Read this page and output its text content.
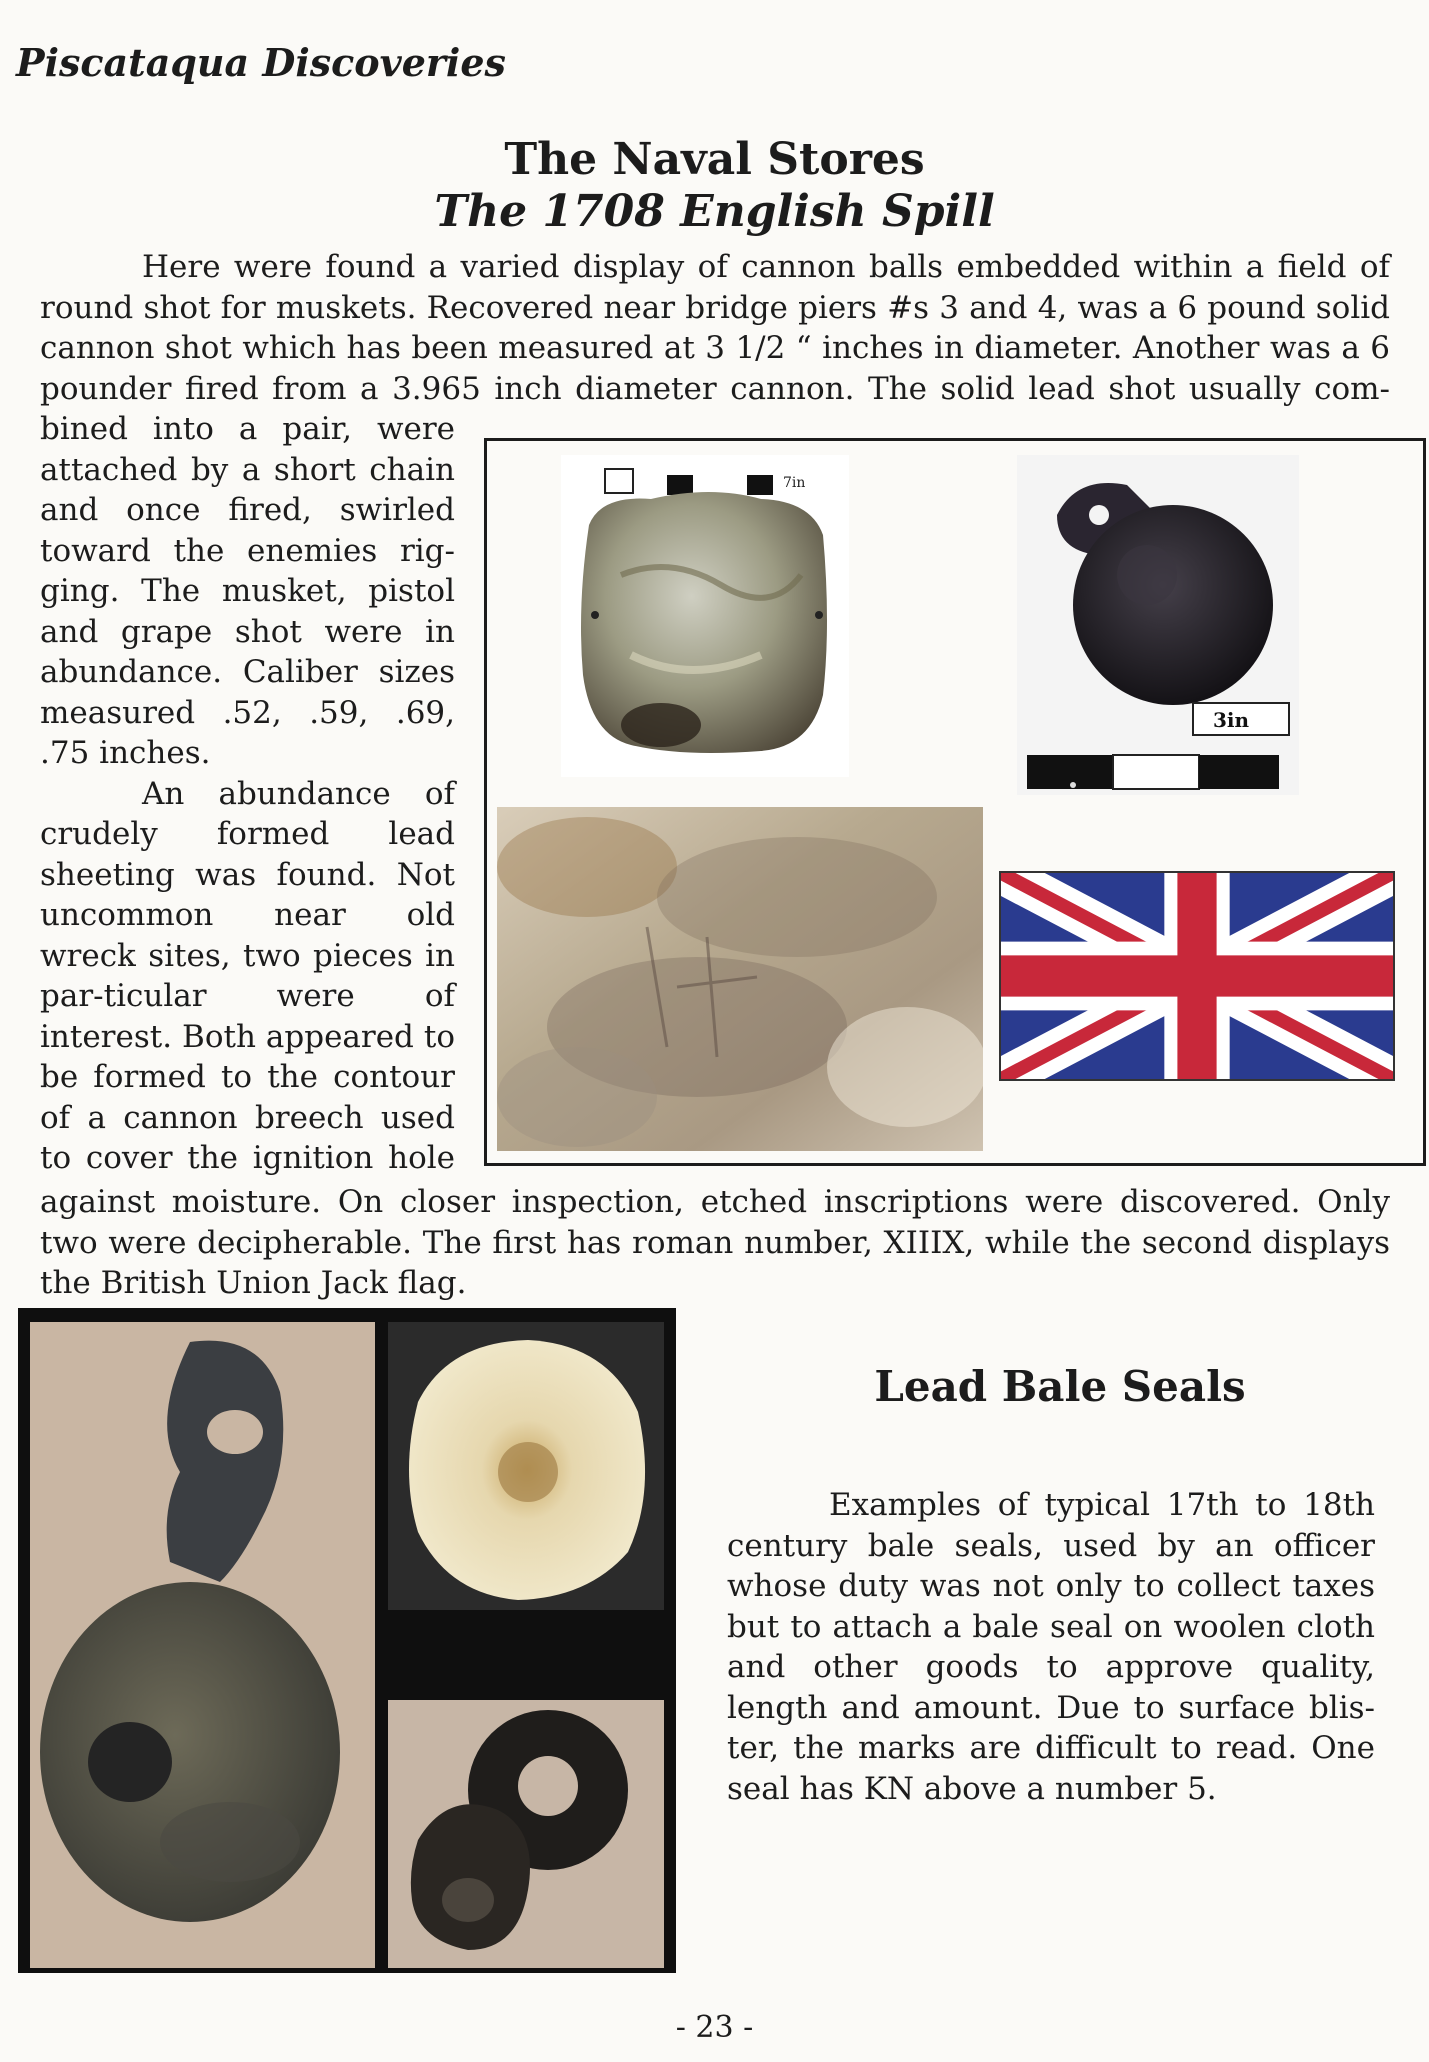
Piscataqua Discoveries
The Naval Stores
The 1708 English Spill
Here were found a varied display of cannon balls embedded within a field of round shot for muskets. Recovered near bridge piers #s 3 and 4, was a 6 pound solid cannon shot which has been measured at 3 1/2 “ inches in diameter. Another was a 6 pounder fired from a 3.965 inch diameter cannon. The solid lead shot usually com-
bined into a pair, were attached by a short chain and once fired, swirled toward the enemies rig-ging. The musket, pistol and grape shot were in abundance. Caliber sizes measured .52, .59, .69, .75 inches.
An abundance of crudely formed lead sheeting was found. Not uncommon near old wreck sites, two pieces in par-ticular were of interest. Both appeared to be formed to the contour of a cannon breech used to cover the ignition hole
7in
3in
against moisture. On closer inspection, etched inscriptions were discovered. Only two were decipherable. The first has roman number, XIIIX, while the second displays the British Union Jack flag.
Lead Bale Seals
Examples of typical 17th to 18th century bale seals, used by an officer whose duty was not only to collect taxes but to attach a bale seal on woolen cloth and other goods to approve quality, length and amount. Due to surface blis-ter, the marks are difficult to read. One seal has KN above a number 5.
- 23 -
